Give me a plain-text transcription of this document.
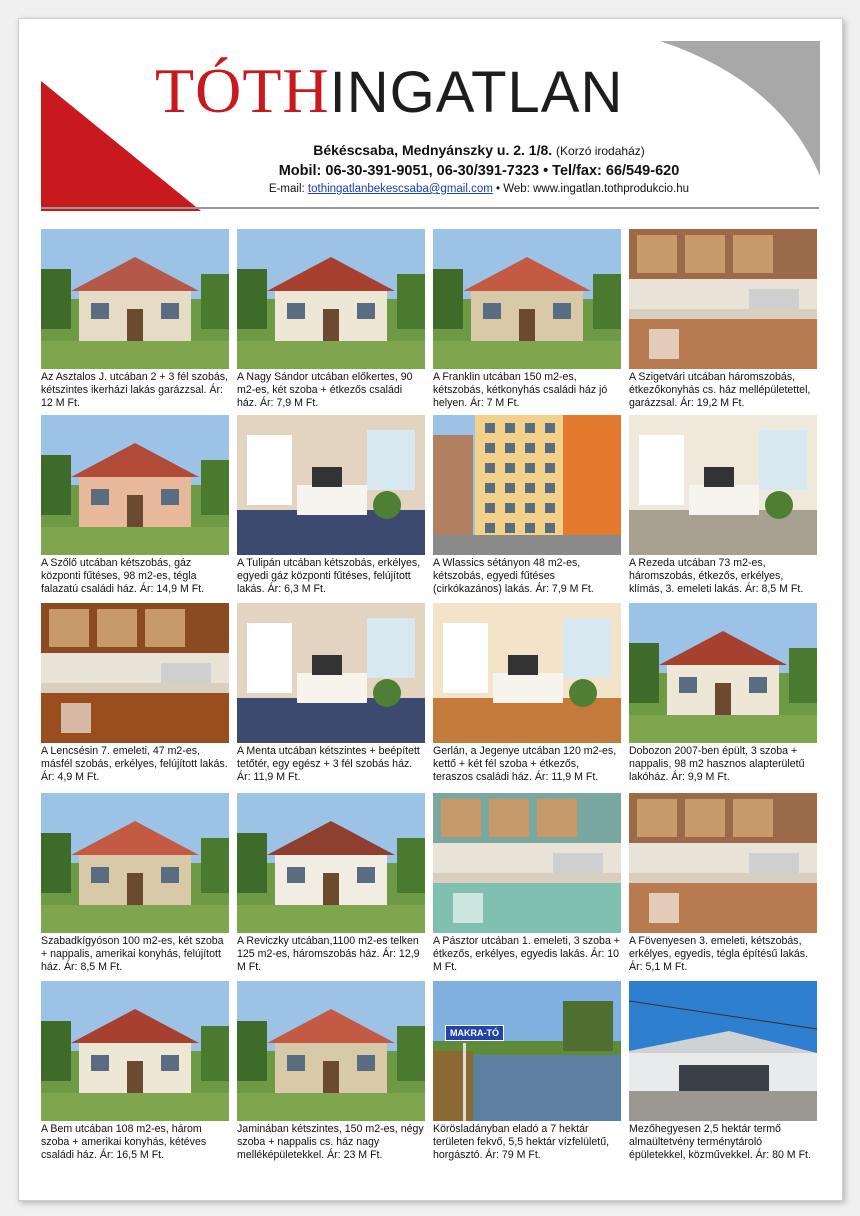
TÓTHINGATLAN
Békéscsaba, Mednyánszky u. 2. 1/8. (Korzó irodaház)
Mobil: 06-30-391-9051, 06-30/391-7323 • Tel/fax: 66/549-620
E-mail: tothingatlanbekescsaba@gmail.com • Web: www.ingatlan.tothprodukcio.hu
Az Asztalos J. utcában 2 + 3 fél szobás, kétszintes ikerházi lakás garázzsal. Ár: 12 M Ft.
A Nagy Sándor utcában előkertes, 90 m2-es, két szoba + étkezős családi ház. Ár: 7,9 M Ft.
A Franklin utcában 150 m2-es, kétszobás, kétkonyhás családi ház jó helyen. Ár: 7 M Ft.
A Szigetvári utcában háromszobás, étkezőkonyhás cs. ház mellépületettel, garázzsal. Ár: 19,2 M Ft.
A Szőlő utcában kétszobás, gáz központi fűtéses, 98 m2-es, tégla falazatú családi ház. Ár: 14,9 M Ft.
A Tulipán utcában kétszobás, erkélyes, egyedi gáz központi fűtéses, felújított lakás. Ár: 6,3 M Ft.
A Wlassics sétányon 48 m2-es, kétszobás, egyedi fűtéses (cirkókazános) lakás. Ár: 7,9 M Ft.
A Rezeda utcában 73 m2-es, háromszobás, étkezős, erkélyes, klímás, 3. emeleti lakás. Ár: 8,5 M Ft.
A Lencsésin 7. emeleti, 47 m2-es, másfél szobás, erkélyes, felújított lakás. Ár: 4,9 M Ft.
A Menta utcában kétszintes + beépített tetőtér, egy egész + 3 fél szobás ház. Ár: 11,9 M Ft.
Gerlán, a Jegenye utcában 120 m2-es, kettő + két fél szoba + étkezős, teraszos családi ház. Ár: 11,9 M Ft.
Dobozon 2007-ben épült, 3 szoba + nappalis, 98 m2 hasznos alapterületű lakóház. Ár: 9,9 M Ft.
Szabadkígyóson 100 m2-es, két szoba + nappalis, amerikai konyhás, felújított ház. Ár: 8,5 M Ft.
A Reviczky utcában,1100 m2-es telken 125 m2-es, háromszobás ház. Ár: 12,9 M Ft.
A Pásztor utcában 1. emeleti, 3 szoba + étkezős, erkélyes, egyedis lakás. Ár: 10 M Ft.
A Fövenyesen 3. emeleti, kétszobás, erkélyes, egyedis, tégla építésű lakás. Ár: 5,1 M Ft.
A Bem utcában 108 m2-es, három szoba + amerikai konyhás, kétéves családi ház. Ár: 16,5 M Ft.
Jaminában kétszintes, 150 m2-es, négy szoba + nappalis cs. ház nagy melléképületekkel. Ár: 23 M Ft.
MAKRA-TÓ
Körösladányban eladó a 7 hektár területen fekvő, 5,5 hektár vízfelületű, horgásztó. Ár: 79 M Ft.
Mezőhegyesen 2,5 hektár termő almaültetvény terménytároló épületekkel, közművekkel. Ár: 80 M Ft.
